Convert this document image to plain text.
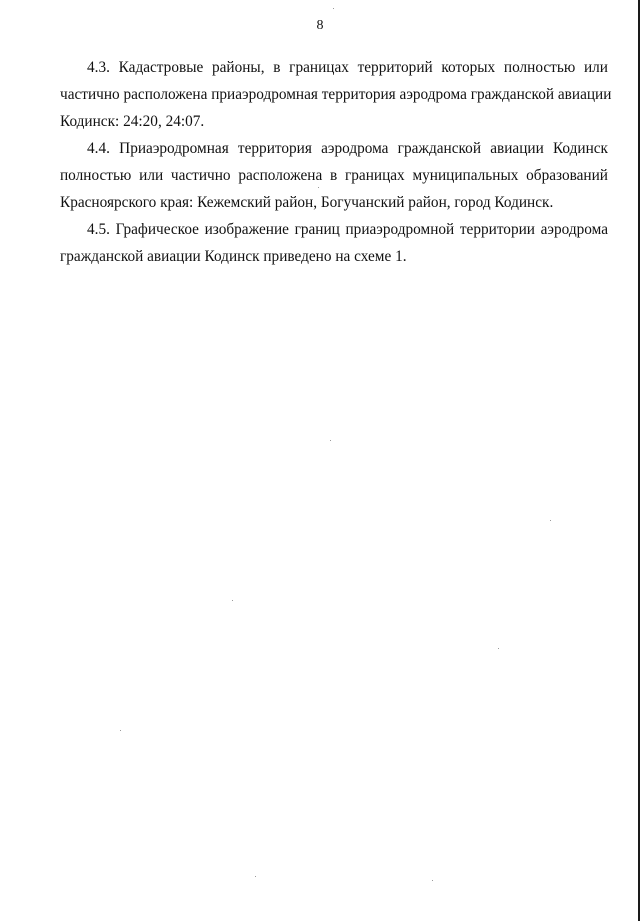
8

4.3. Кадастровые районы, в границах территорий которых полностью или
частично расположена приаэродромная территория аэродрома гражданской авиации
Кодинск: 24:20, 24:07.

4.4. Приаэродромная территория аэродрома гражданской авиации Кодинск
полностью или частично расположена в границах муниципальных образований
Красноярского края: Кежемский район, Богучанский район, город Кодинск.

4.5. Графическое изображение границ приаэродромной территории аэродрома
гражданской авиации Кодинск приведено на схеме 1.
